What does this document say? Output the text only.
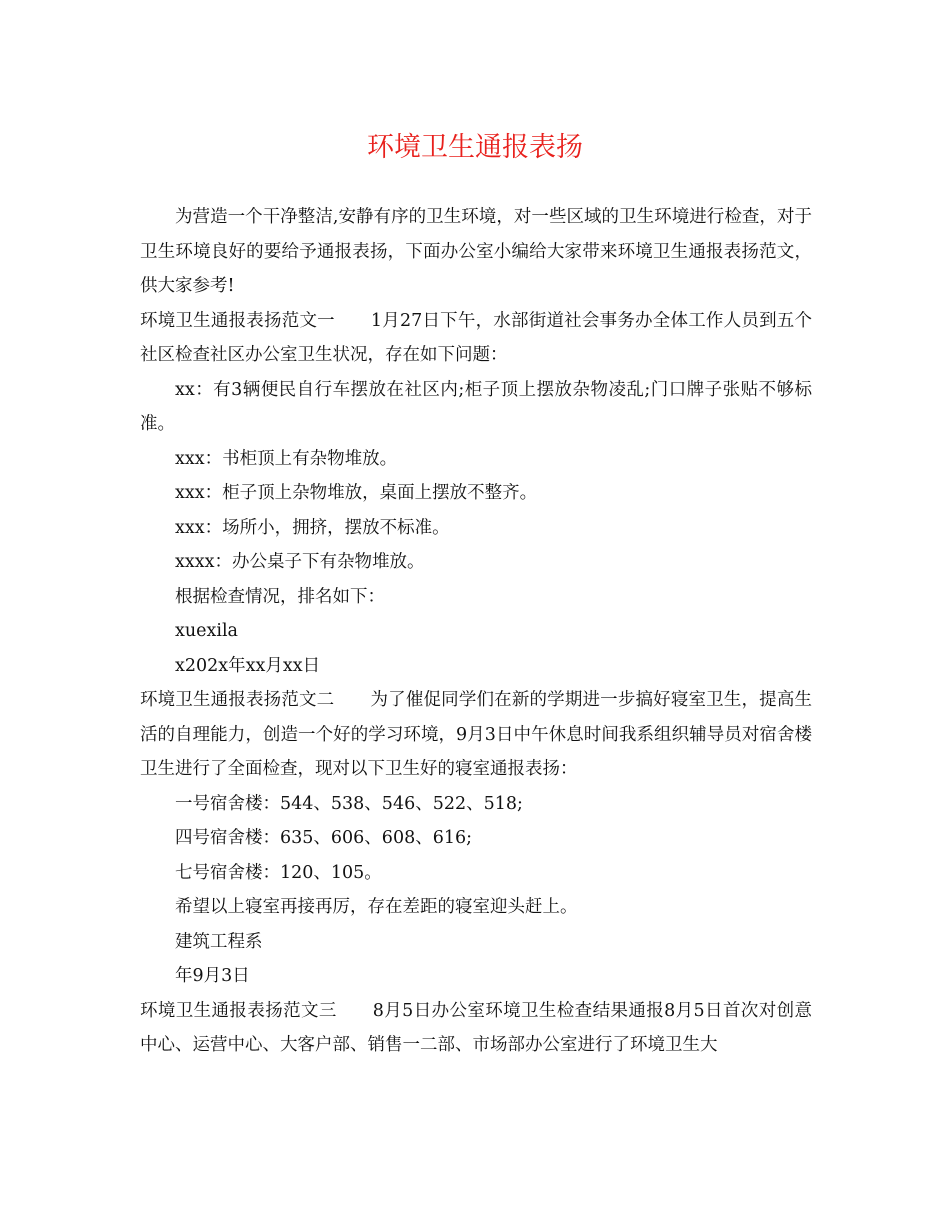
环境卫生通报表扬

为营造一个干净整洁,安静有序的卫生环境，对一些区域的卫生环境进行检查，对于卫生环境良好的要给予通报表扬，下面办公室小编给大家带来环境卫生通报表扬范文，供大家参考!

环境卫生通报表扬范文一 1月27日下午，水部街道社会事务办全体工作人员到五个社区检查社区办公室卫生状况，存在如下问题：

xx：有3辆便民自行车摆放在社区内;柜子顶上摆放杂物凌乱;门口牌子张贴不够标准。

xxx：书柜顶上有杂物堆放。

xxx：柜子顶上杂物堆放，桌面上摆放不整齐。

xxx：场所小，拥挤，摆放不标准。

xxxx：办公桌子下有杂物堆放。

根据检查情况，排名如下：

xuexila

x202x年xx月xx日

环境卫生通报表扬范文二 为了催促同学们在新的学期进一步搞好寝室卫生，提高生活的自理能力，创造一个好的学习环境，9月3日中午休息时间我系组织辅导员对宿舍楼卫生进行了全面检查，现对以下卫生好的寝室通报表扬：

一号宿舍楼：544、538、546、522、518;

四号宿舍楼：635、606、608、616;

七号宿舍楼：120、105。

希望以上寝室再接再厉，存在差距的寝室迎头赶上。

建筑工程系

年9月3日

环境卫生通报表扬范文三 8月5日办公室环境卫生检查结果通报8月5日首次对创意中心、运营中心、大客户部、销售一二部、市场部办公室进行了环境卫生大
